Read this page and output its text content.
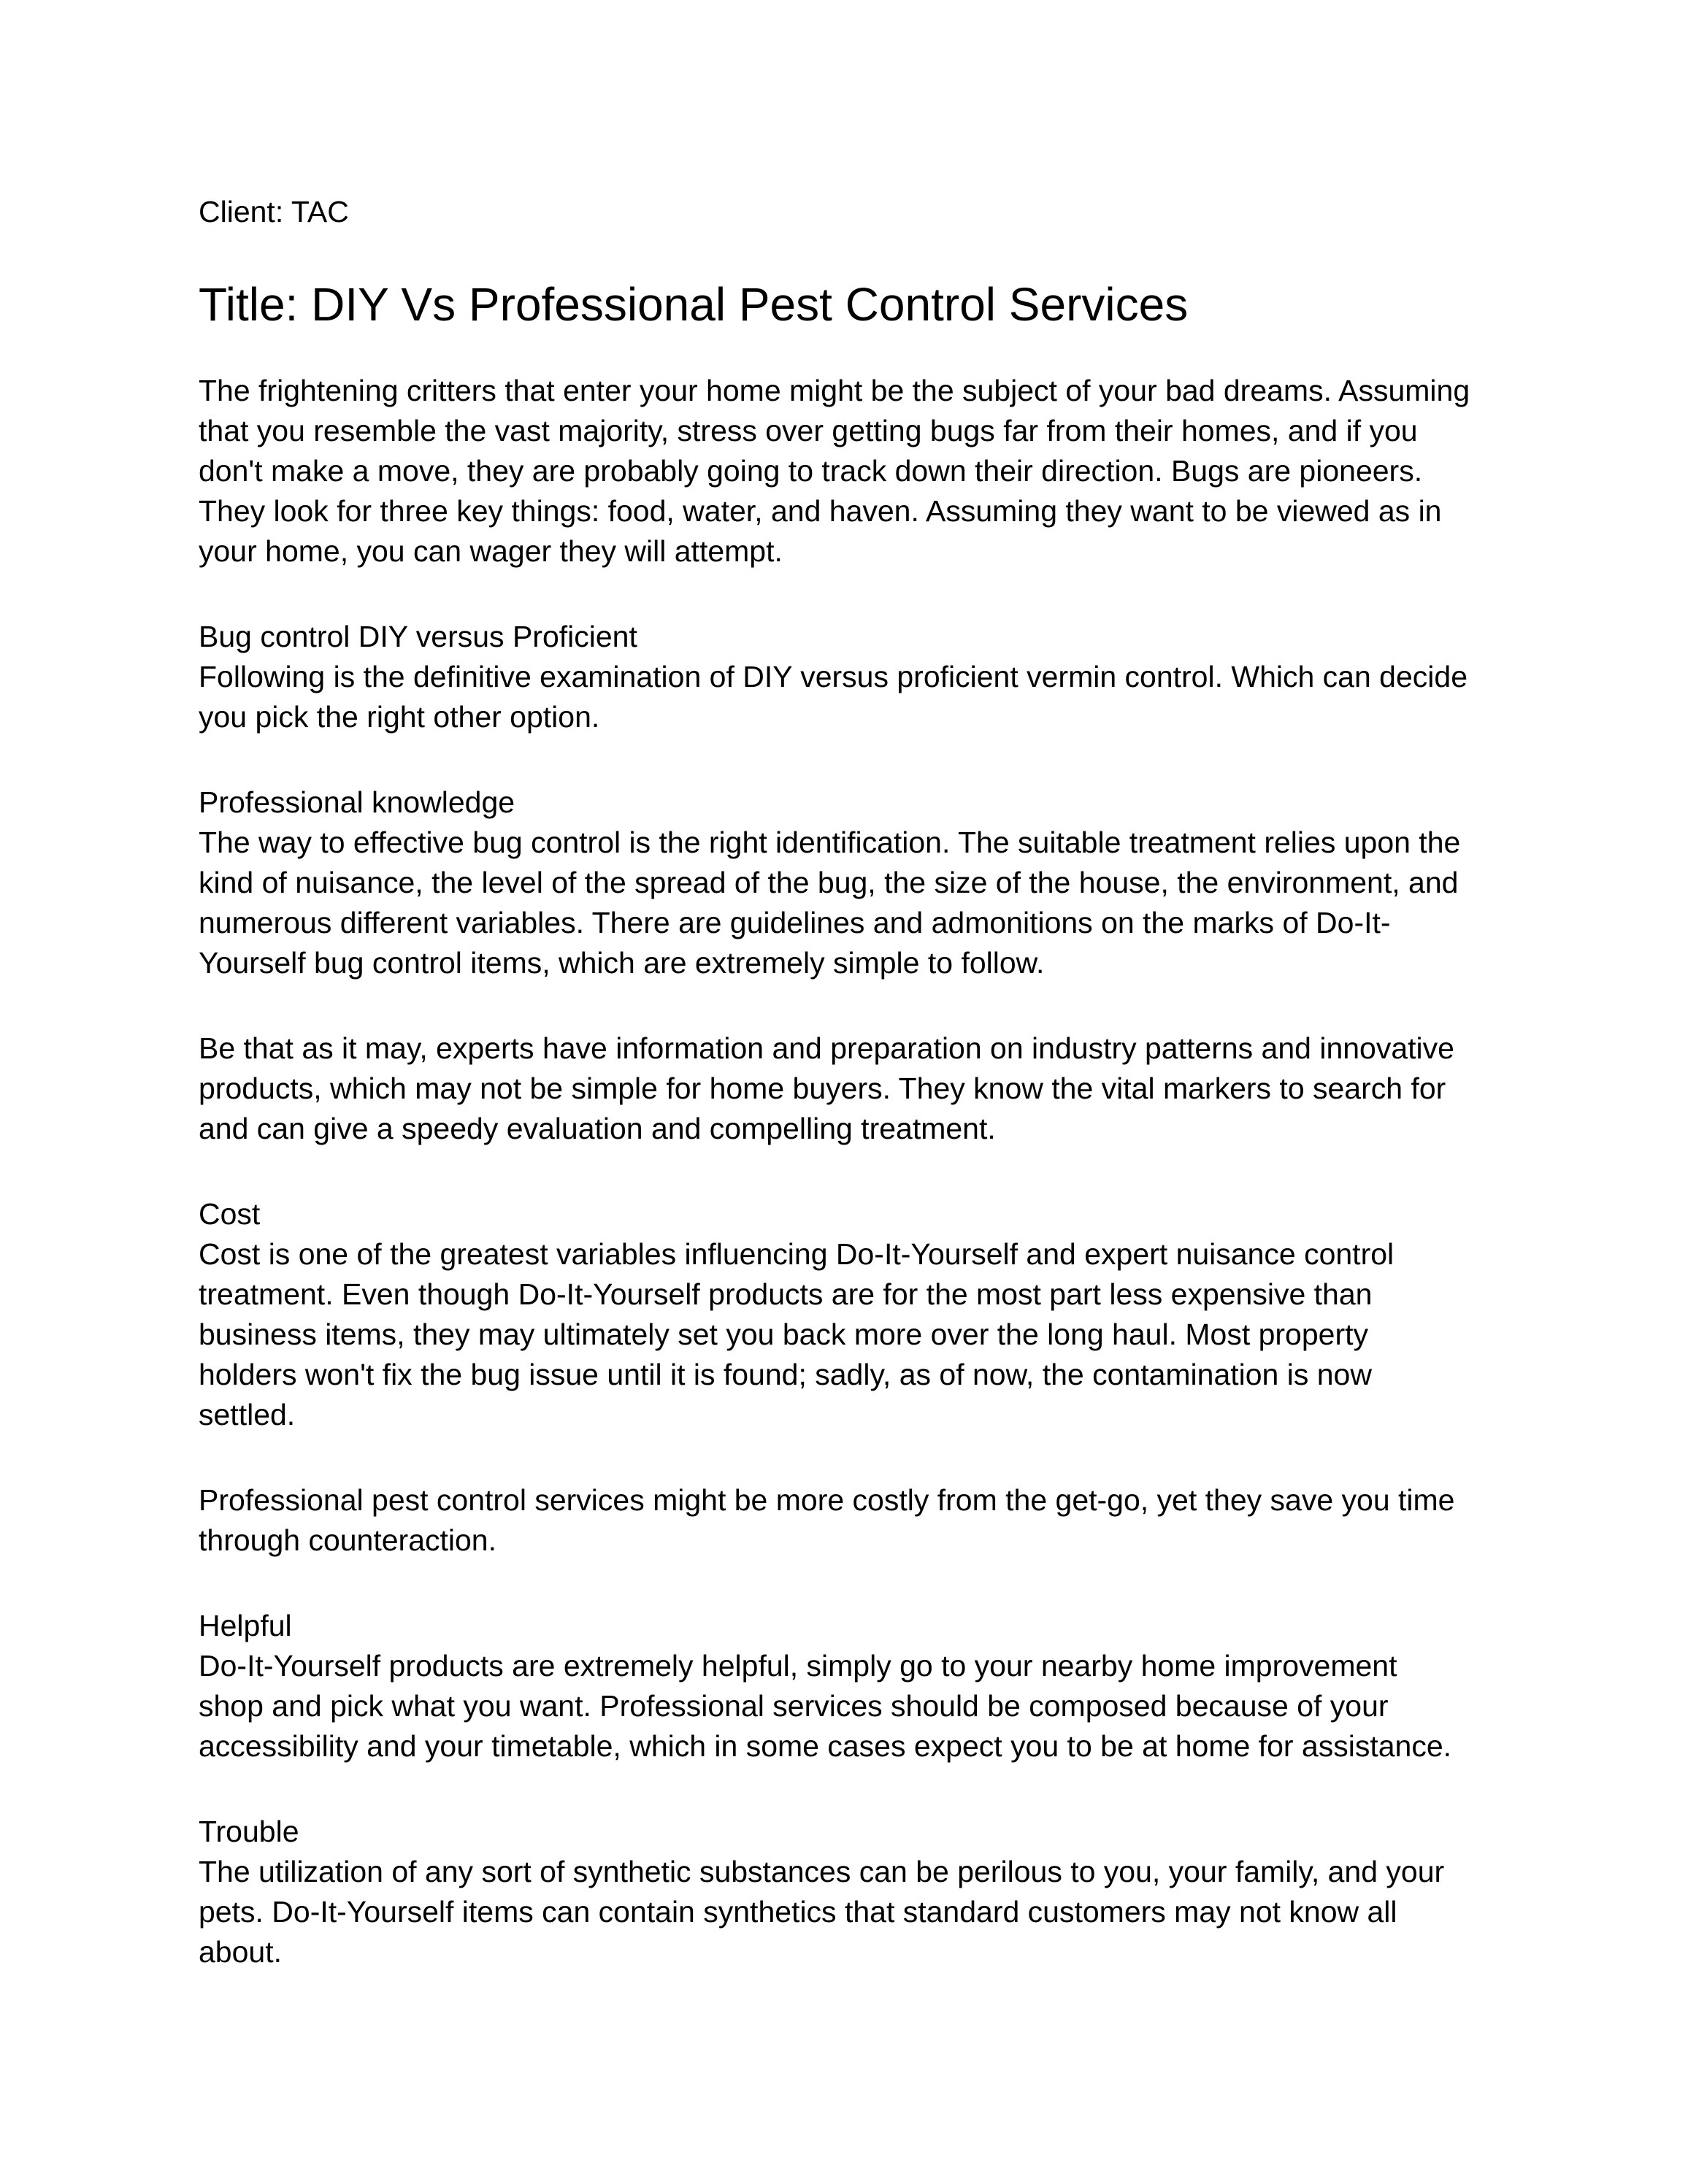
Client: TAC

Title: DIY Vs Professional Pest Control Services

The frightening critters that enter your home might be the subject of your bad dreams. Assuming
that you resemble the vast majority, stress over getting bugs far from their homes, and if you
don't make a move, they are probably going to track down their direction. Bugs are pioneers.
They look for three key things: food, water, and haven. Assuming they want to be viewed as in
your home, you can wager they will attempt.

Bug control DIY versus Proficient

Following is the definitive examination of DIY versus proficient vermin control. Which can decide
you pick the right other option.

Professional knowledge

The way to effective bug control is the right identification. The suitable treatment relies upon the
kind of nuisance, the level of the spread of the bug, the size of the house, the environment, and
numerous different variables. There are guidelines and admonitions on the marks of Do-It-
Yourself bug control items, which are extremely simple to follow.

Be that as it may, experts have information and preparation on industry patterns and innovative
products, which may not be simple for home buyers. They know the vital markers to search for
and can give a speedy evaluation and compelling treatment.

Cost

Cost is one of the greatest variables influencing Do-It-Yourself and expert nuisance control
treatment. Even though Do-It-Yourself products are for the most part less expensive than
business items, they may ultimately set you back more over the long haul. Most property
holders won't fix the bug issue until it is found; sadly, as of now, the contamination is now
settled.

Professional pest control services might be more costly from the get-go, yet they save you time
through counteraction.

Helpful

Do-It-Yourself products are extremely helpful, simply go to your nearby home improvement
shop and pick what you want. Professional services should be composed because of your
accessibility and your timetable, which in some cases expect you to be at home for assistance.

Trouble

The utilization of any sort of synthetic substances can be perilous to you, your family, and your
pets. Do-It-Yourself items can contain synthetics that standard customers may not know all
about.
